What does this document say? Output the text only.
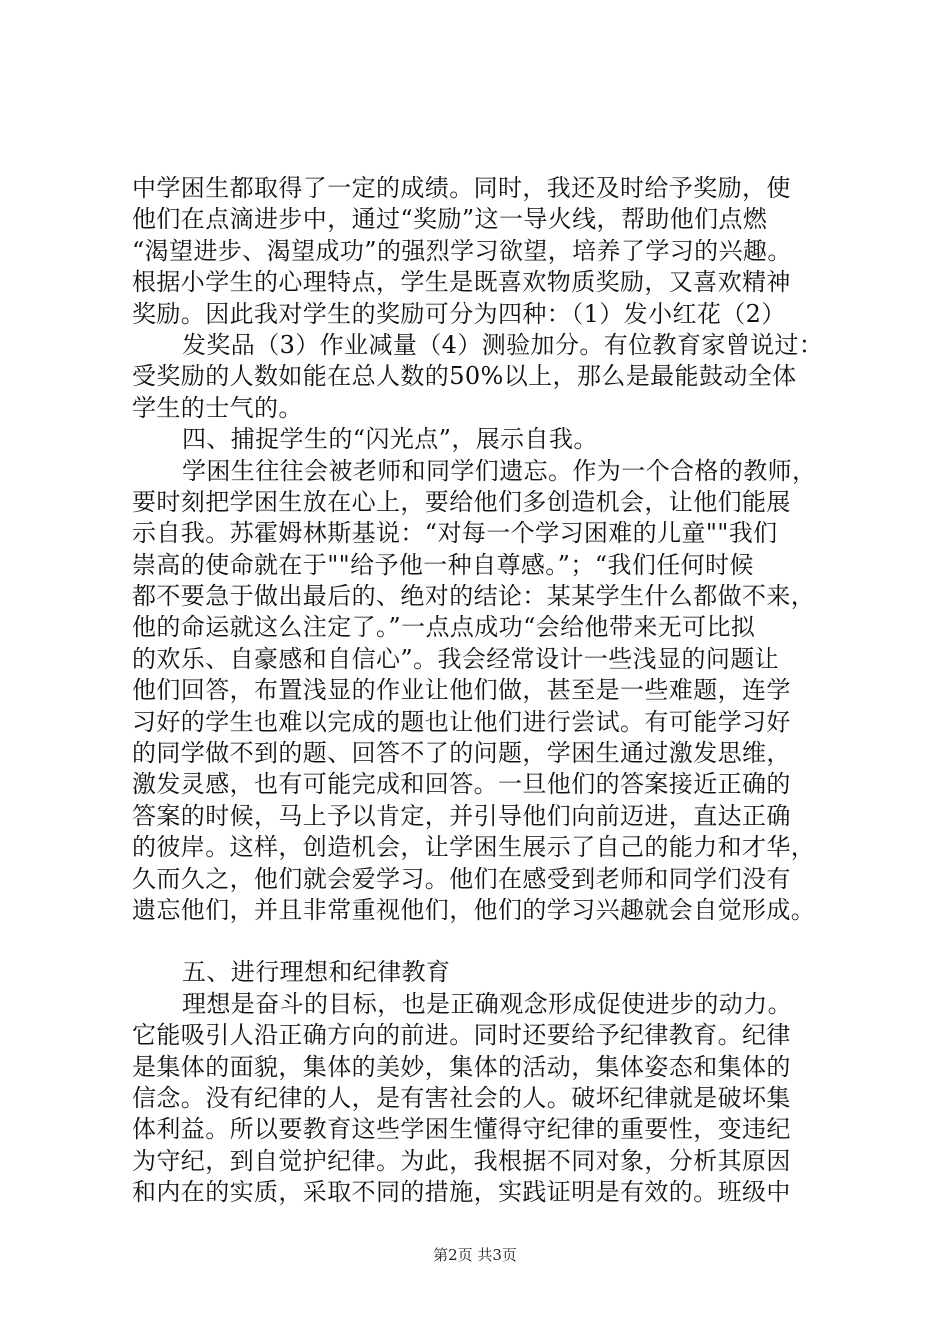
中学困生都取得了一定的成绩。同时，我还及时给予奖励，使
他们在点滴进步中，通过“奖励”这一导火线，帮助他们点燃
“渴望进步、渴望成功”的强烈学习欲望，培养了学习的兴趣。
根据小学生的心理特点，学生是既喜欢物质奖励，又喜欢精神
奖励。因此我对学生的奖励可分为四种：（1）发小红花（2）
发奖品（3）作业减量（4）测验加分。有位教育家曾说过：
受奖励的人数如能在总人数的50%以上，那么是最能鼓动全体
学生的士气的。
四、捕捉学生的“闪光点”，展示自我。
学困生往往会被老师和同学们遗忘。作为一个合格的教师，
要时刻把学困生放在心上，要给他们多创造机会，让他们能展
示自我。苏霍姆林斯基说：“对每一个学习困难的儿童""我们
崇高的使命就在于""给予他一种自尊感。”；“我们任何时候
都不要急于做出最后的、绝对的结论：某某学生什么都做不来，
他的命运就这么注定了。”一点点成功“会给他带来无可比拟
的欢乐、自豪感和自信心”。我会经常设计一些浅显的问题让
他们回答，布置浅显的作业让他们做，甚至是一些难题，连学
习好的学生也难以完成的题也让他们进行尝试。有可能学习好
的同学做不到的题、回答不了的问题，学困生通过激发思维，
激发灵感，也有可能完成和回答。一旦他们的答案接近正确的
答案的时候，马上予以肯定，并引导他们向前迈进，直达正确
的彼岸。这样，创造机会，让学困生展示了自己的能力和才华，
久而久之，他们就会爱学习。他们在感受到老师和同学们没有
遗忘他们，并且非常重视他们，他们的学习兴趣就会自觉形成。
五、进行理想和纪律教育
理想是奋斗的目标，也是正确观念形成促使进步的动力。
它能吸引人沿正确方向的前进。同时还要给予纪律教育。纪律
是集体的面貌，集体的美妙，集体的活动，集体姿态和集体的
信念。没有纪律的人，是有害社会的人。破坏纪律就是破坏集
体利益。所以要教育这些学困生懂得守纪律的重要性，变违纪
为守纪，到自觉护纪律。为此，我根据不同对象，分析其原因
和内在的实质，采取不同的措施，实践证明是有效的。班级中
第2页 共3页
